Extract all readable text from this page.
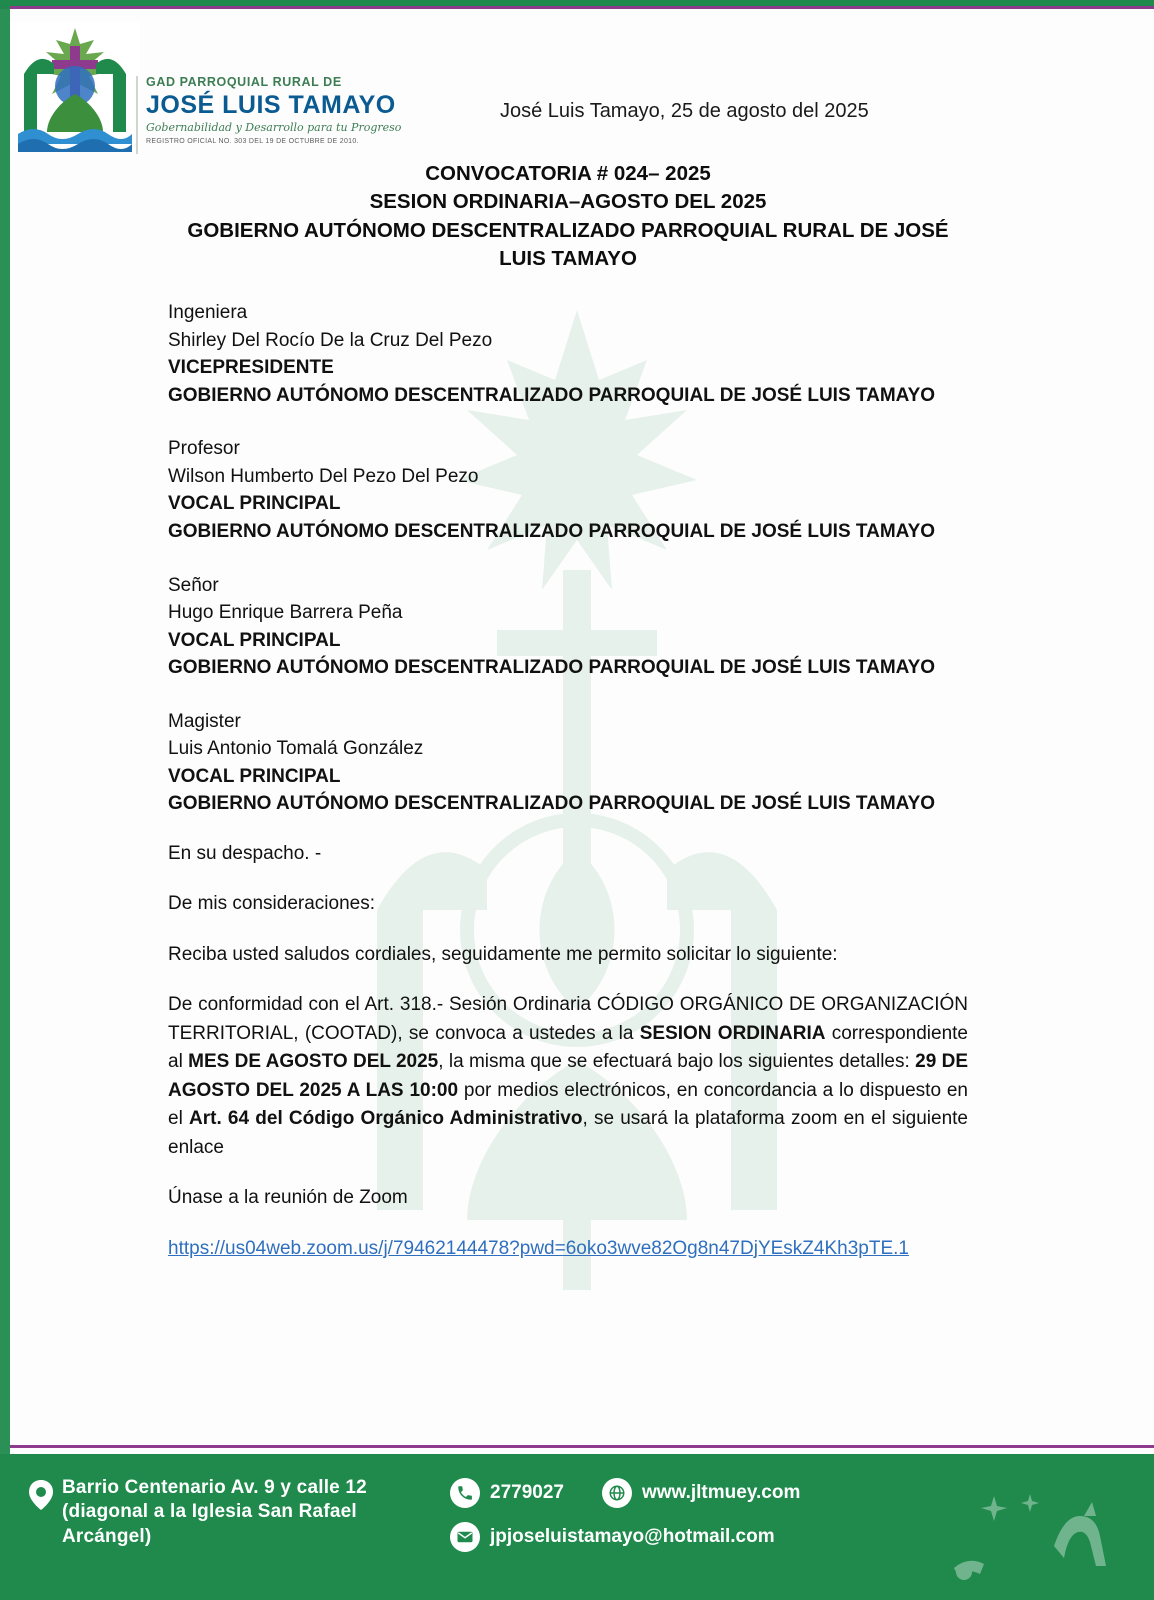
GAD PARROQUIAL RURAL DE
JOSÉ LUIS TAMAYO
Gobernabilidad y Desarrollo para tu Progreso
REGISTRO OFICIAL NO. 303 DEL 19 DE OCTUBRE DE 2010.
José Luis Tamayo, 25 de agosto del 2025
CONVOCATORIA # 024– 2025
SESION ORDINARIA–AGOSTO DEL 2025
GOBIERNO AUTÓNOMO DESCENTRALIZADO PARROQUIAL RURAL DE JOSÉ LUIS TAMAYO
Ingeniera
Shirley Del Rocío De la Cruz Del Pezo
VICEPRESIDENTE
GOBIERNO AUTÓNOMO DESCENTRALIZADO PARROQUIAL DE JOSÉ LUIS TAMAYO
Profesor
Wilson Humberto Del Pezo Del Pezo
VOCAL PRINCIPAL
GOBIERNO AUTÓNOMO DESCENTRALIZADO PARROQUIAL DE JOSÉ LUIS TAMAYO
Señor
Hugo Enrique Barrera Peña
VOCAL PRINCIPAL
GOBIERNO AUTÓNOMO DESCENTRALIZADO PARROQUIAL DE JOSÉ LUIS TAMAYO
Magister
Luis Antonio Tomalá González
VOCAL PRINCIPAL
GOBIERNO AUTÓNOMO DESCENTRALIZADO PARROQUIAL DE JOSÉ LUIS TAMAYO
En su despacho. -
De mis consideraciones:
Reciba usted saludos cordiales, seguidamente me permito solicitar lo siguiente:
De conformidad con el Art. 318.- Sesión Ordinaria CÓDIGO ORGÁNICO DE ORGANIZACIÓN TERRITORIAL, (COOTAD), se convoca a ustedes a la SESION ORDINARIA correspondiente al MES DE AGOSTO DEL 2025, la misma que se efectuará bajo los siguientes detalles: 29 DE AGOSTO DEL 2025 A LAS 10:00 por medios electrónicos, en concordancia a lo dispuesto en el Art. 64 del Código Orgánico Administrativo, se usará la plataforma zoom en el siguiente enlace
Únase a la reunión de Zoom
https://us04web.zoom.us/j/79462144478?pwd=6oko3wve82Og8n47DjYEskZ4Kh3pTE.1
Barrio Centenario Av. 9 y calle 12 (diagonal a la Iglesia San Rafael Arcángel)
2779027	www.jltmuey.com
jpjoseluistamayo@hotmail.com
